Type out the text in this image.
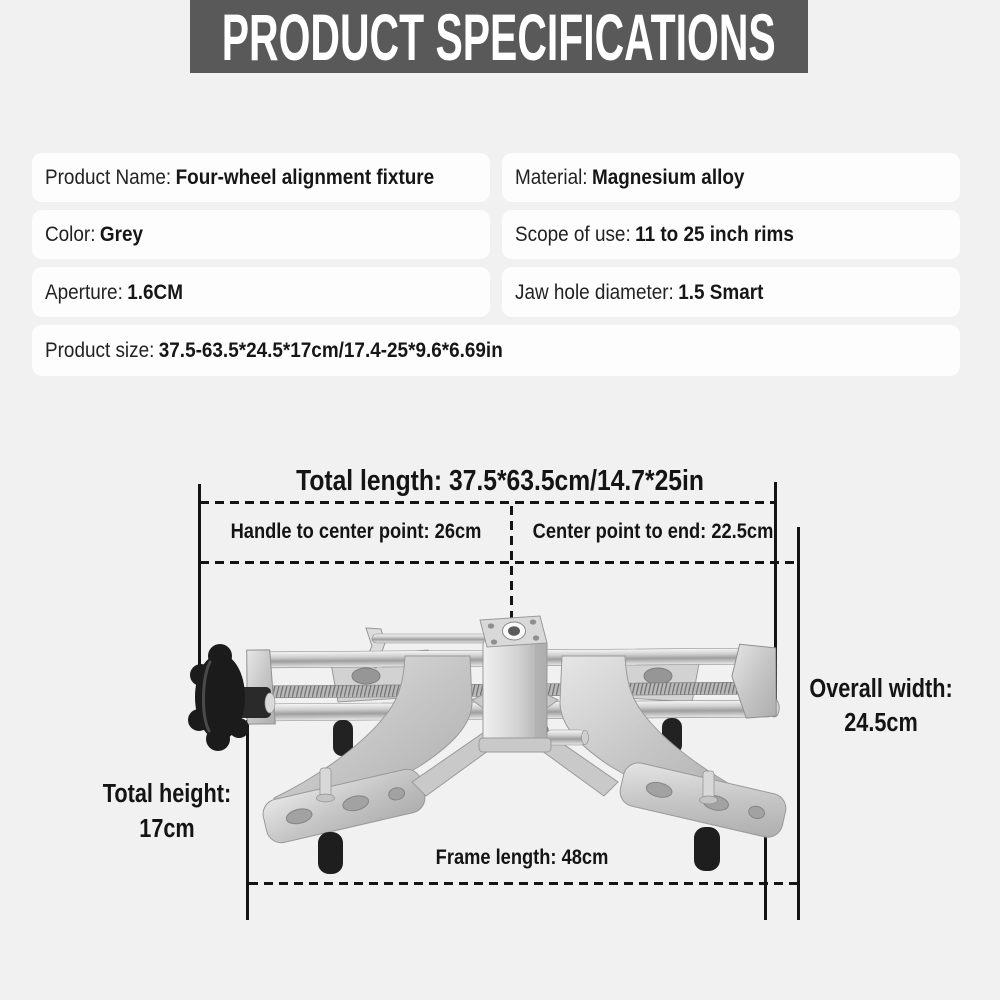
PRODUCT SPECIFICATIONS
Product Name: Four-wheel alignment fixture	Material: Magnesium alloy
Color: Grey	Scope of use: 11 to 25 inch rims
Aperture: 1.6CM	Jaw hole diameter: 1.5 Smart
Product size: 37.5-63.5*24.5*17cm/17.4-25*9.6*6.69in
Total length: 37.5*63.5cm/14.7*25in
Handle to center point: 26cm	Center point to end: 22.5cm
Overall width:
24.5cm
Total height:
17cm
Frame length: 48cm
